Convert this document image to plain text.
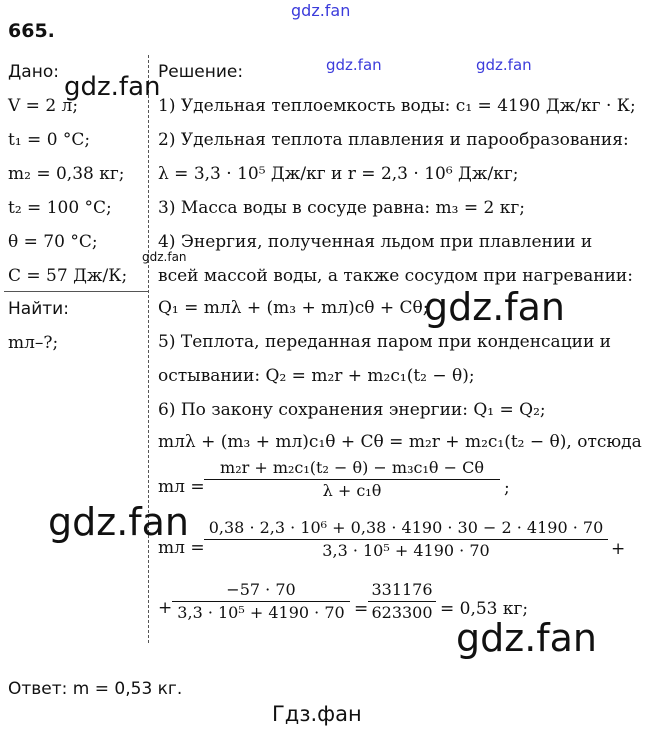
gdz.fan
665.
Дано:
V = 2 л;
t₁ = 0 °C;
m₂ = 0,38 кг;
t₂ = 100 °C;
θ = 70 °C;
C = 57 Дж/К;
Найти:
mл–?;
Решение:	gdz.fan	gdz.fan
1) Удельная теплоемкость воды: c₁ = 4190 Дж/кг · К;
2) Удельная теплота плавления и парообразования:
λ = 3,3 · 10⁵ Дж/кг и r = 2,3 · 10⁶ Дж/кг;
3) Масса воды в сосуде равна: m₃ = 2 кг;
4) Энергия, полученная льдом при плавлении и
всей массой воды, а также сосудом при нагревании:
Q₁ = mлλ + (m₃ + mл)cθ + Cθ;
5) Теплота, переданная паром при конденсации и
остывании: Q₂ = m₂r + m₂c₁(t₂ − θ);
6) По закону сохранения энергии: Q₁ = Q₂;
mлλ + (m₃ + mл)c₁θ + Cθ = m₂r + m₂c₁(t₂ − θ), отсюда
gdz.fan
mл =
m₂r + m₂c₁(t₂ − θ) − m₃c₁θ − Cθ
λ + c₁θ	;
mл =
0,38 · 2,3 · 10⁶ + 0,38 · 4190 · 30 − 2 · 4190 · 70
3,3 · 10⁵ + 4190 · 70	+
+
−57 · 70
3,3 · 10⁵ + 4190 · 70 =
331176
623300 = 0,53 кг;
Ответ: m = 0,53 кг.
Гдз.фан
gdz.fan
gdz.fan
gdz.fan
gdz.fan
